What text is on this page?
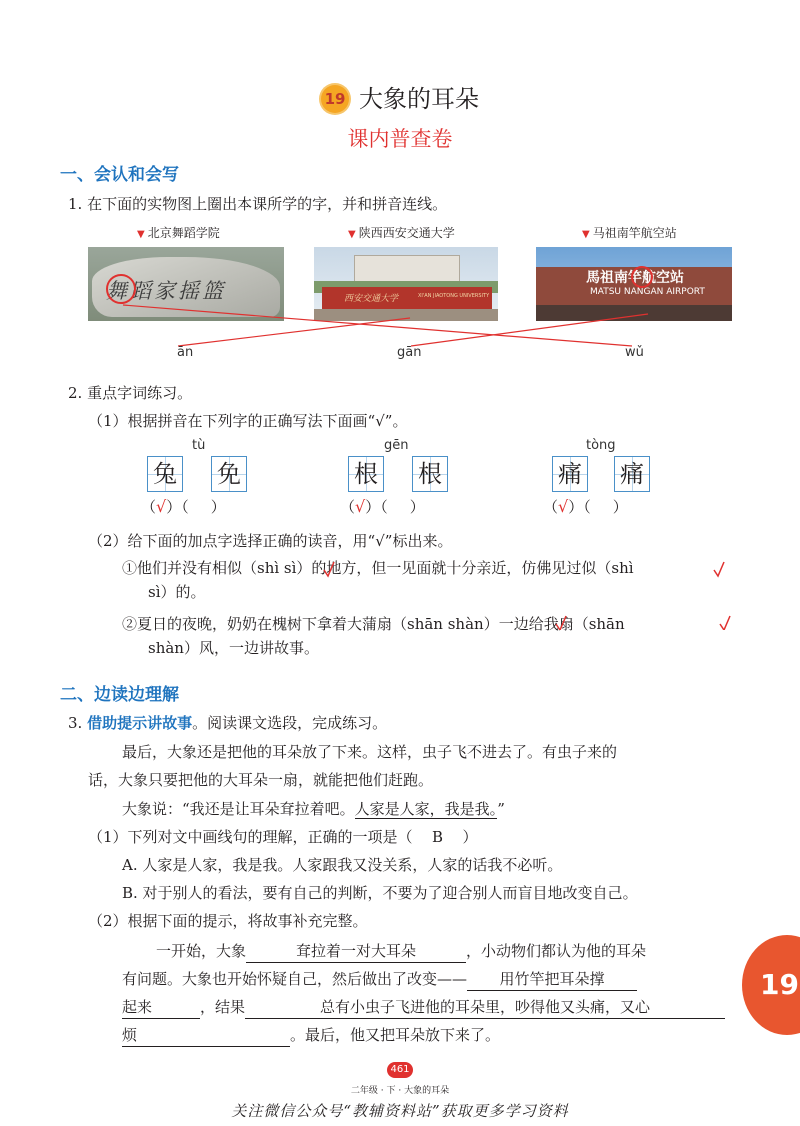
19 大象的耳朵
课内普查卷
一、会认和会写
1. 在下面的实物图上圈出本课所学的字，并和拼音连线。
▼ 北京舞蹈学院	▼ 陕西西安交通大学	▼ 马祖南竿航空站
舞蹈家摇篮	西安交通大学	XI'AN JIAOTONG UNIVERSITY
馬祖南竿航空站
MATSU NANGAN AIRPORT
ān	gān	wǔ
2. 重点字词练习。
（1）根据拼音在下列字的正确写法下面画“√”。
tù
兔 免
（√）（ ）
gēn
根 根
（√）（ ）
tòng
痛 痛
（√）（ ）
（2）给下面的加点字选择正确的读音，用“√”标出来。
①他们并没有相似（shì sì）的地方，但一见面就十分亲近，仿佛见过似（shì
sì）的。
②夏日的夜晚，奶奶在槐树下拿着大蒲扇（shān shàn）一边给我扇（shān
shàn）风，一边讲故事。
二、边读边理解
3. 借助提示讲故事。阅读课文选段，完成练习。
最后，大象还是把他的耳朵放了下来。这样，虫子飞不进去了。有虫子来的
话，大象只要把他的大耳朵一扇，就能把他们赶跑。
大象说：“我还是让耳朵耷拉着吧。人家是人家，我是我。”
（1）下列对文中画线句的理解，正确的一项是（ B ）
A. 人家是人家，我是我。人家跟我又没关系，人家的话我不必听。
B. 对于别人的看法，要有自己的判断，不要为了迎合别人而盲目地改变自己。
（2）根据下面的提示，将故事补充完整。
一开始，大象	耷拉着一对大耳朵	，小动物们都认为他的耳朵
有问题。大象也开始怀疑自己，然后做出了改变—— 用竹竿把耳朵撑
起来	，结果	总有小虫子飞进他的耳朵里，吵得他又头痛，又心
烦	。最后，他又把耳朵放下来了。
19
461
二年级 · 下 · 大象的耳朵
关注微信公众号“教辅资料站”获取更多学习资料
